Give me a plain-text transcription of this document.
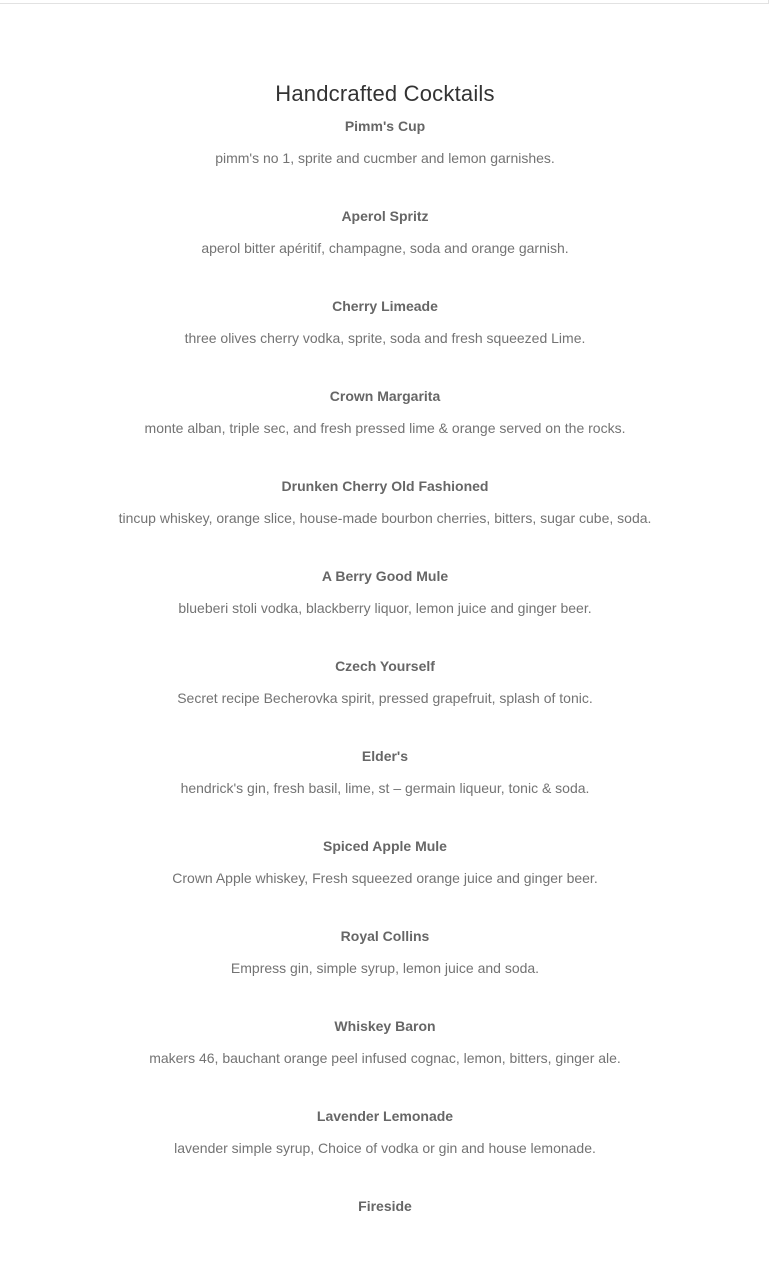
Handcrafted Cocktails
Pimm's Cup
pimm's no 1, sprite and cucmber and lemon garnishes.
Aperol Spritz
aperol bitter apéritif, champagne, soda and orange garnish.
Cherry Limeade
three olives cherry vodka, sprite, soda and fresh squeezed Lime.
Crown Margarita
monte alban, triple sec, and fresh pressed lime & orange served on the rocks.
Drunken Cherry Old Fashioned
tincup whiskey, orange slice, house-made bourbon cherries, bitters, sugar cube, soda.
A Berry Good Mule
blueberi stoli vodka, blackberry liquor, lemon juice and ginger beer.
Czech Yourself
Secret recipe Becherovka spirit, pressed grapefruit, splash of tonic.
Elder's
hendrick's gin, fresh basil, lime, st – germain liqueur, tonic & soda.
Spiced Apple Mule
Crown Apple whiskey, Fresh squeezed orange juice and ginger beer.
Royal Collins
Empress gin, simple syrup, lemon juice and soda.
Whiskey Baron
makers 46, bauchant orange peel infused cognac, lemon, bitters, ginger ale.
Lavender Lemonade
lavender simple syrup, Choice of vodka or gin and house lemonade.
Fireside
